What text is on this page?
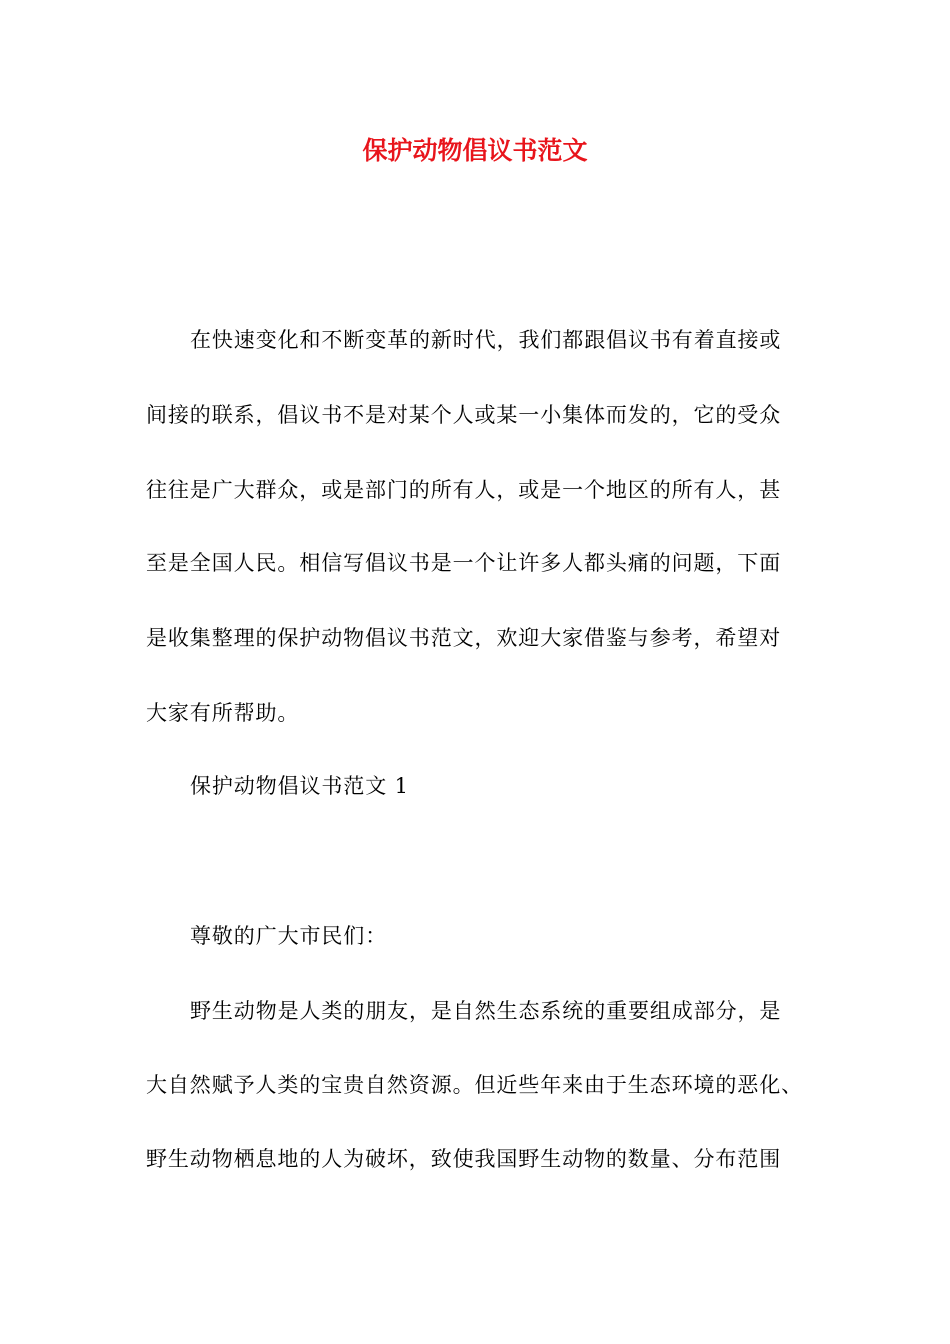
保护动物倡议书范文
在快速变化和不断变革的新时代，我们都跟倡议书有着直接或
间接的联系，倡议书不是对某个人或某一小集体而发的，它的受众
往往是广大群众，或是部门的所有人，或是一个地区的所有人，甚
至是全国人民。相信写倡议书是一个让许多人都头痛的问题，下面
是收集整理的保护动物倡议书范文，欢迎大家借鉴与参考，希望对
大家有所帮助。
保护动物倡议书范文 1
尊敬的广大市民们：
野生动物是人类的朋友，是自然生态系统的重要组成部分，是
大自然赋予人类的宝贵自然资源。但近些年来由于生态环境的恶化、
野生动物栖息地的人为破坏，致使我国野生动物的数量、分布范围
